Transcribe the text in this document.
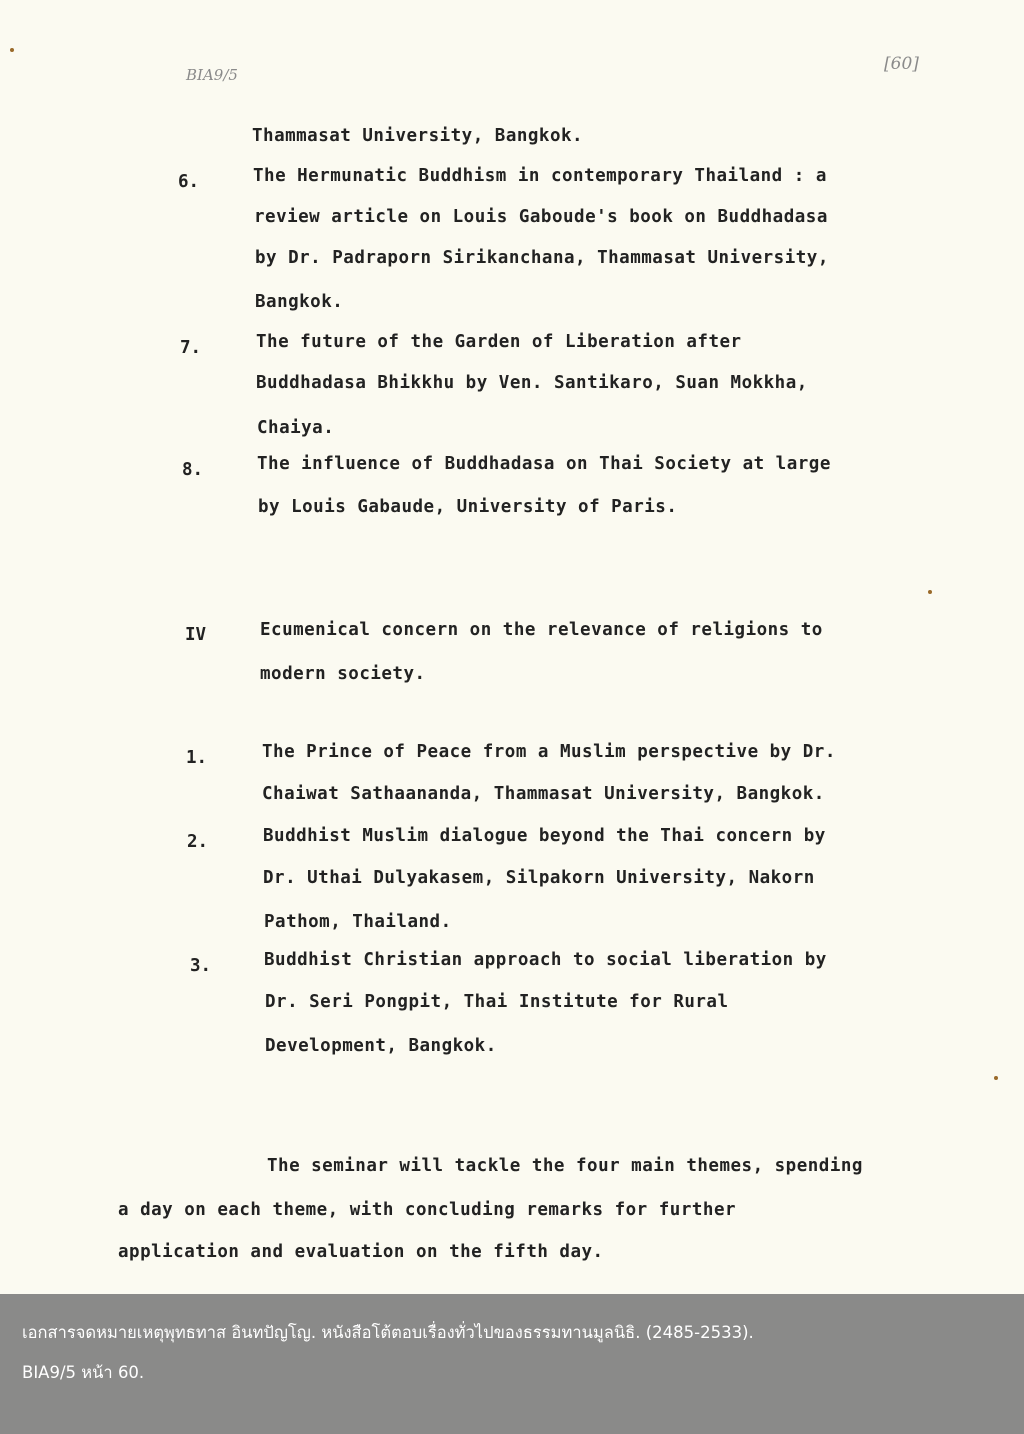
BIA9/5
[60]
Thammasat University, Bangkok.
6.	The Hermunatic Buddhism in contemporary Thailand : a
review article on Louis Gaboude's book on Buddhadasa
by Dr. Padraporn Sirikanchana, Thammasat University,
Bangkok.
7.	The future of the Garden of Liberation after
Buddhadasa Bhikkhu by Ven. Santikaro, Suan Mokkha,
Chaiya.
8.	The influence of Buddhadasa on Thai Society at large
by Louis Gabaude, University of Paris.
IV	Ecumenical concern on the relevance of religions to
modern society.
1.	The Prince of Peace from a Muslim perspective by Dr.
Chaiwat Sathaananda, Thammasat University, Bangkok.
2.	Buddhist Muslim dialogue beyond the Thai concern by
Dr. Uthai Dulyakasem, Silpakorn University, Nakorn
Pathom, Thailand.
3.	Buddhist Christian approach to social liberation by
Dr. Seri Pongpit, Thai Institute for Rural
Development, Bangkok.
The seminar will tackle the four main themes, spending
a day on each theme, with concluding remarks for further
application and evaluation on the fifth day.
เอกสารจดหมายเหตุพุทธทาส อินทปัญโญ. หนังสือโต้ตอบเรื่องทั่วไปของธรรมทานมูลนิธิ. (2485-2533).
BIA9/5 หน้า 60.
